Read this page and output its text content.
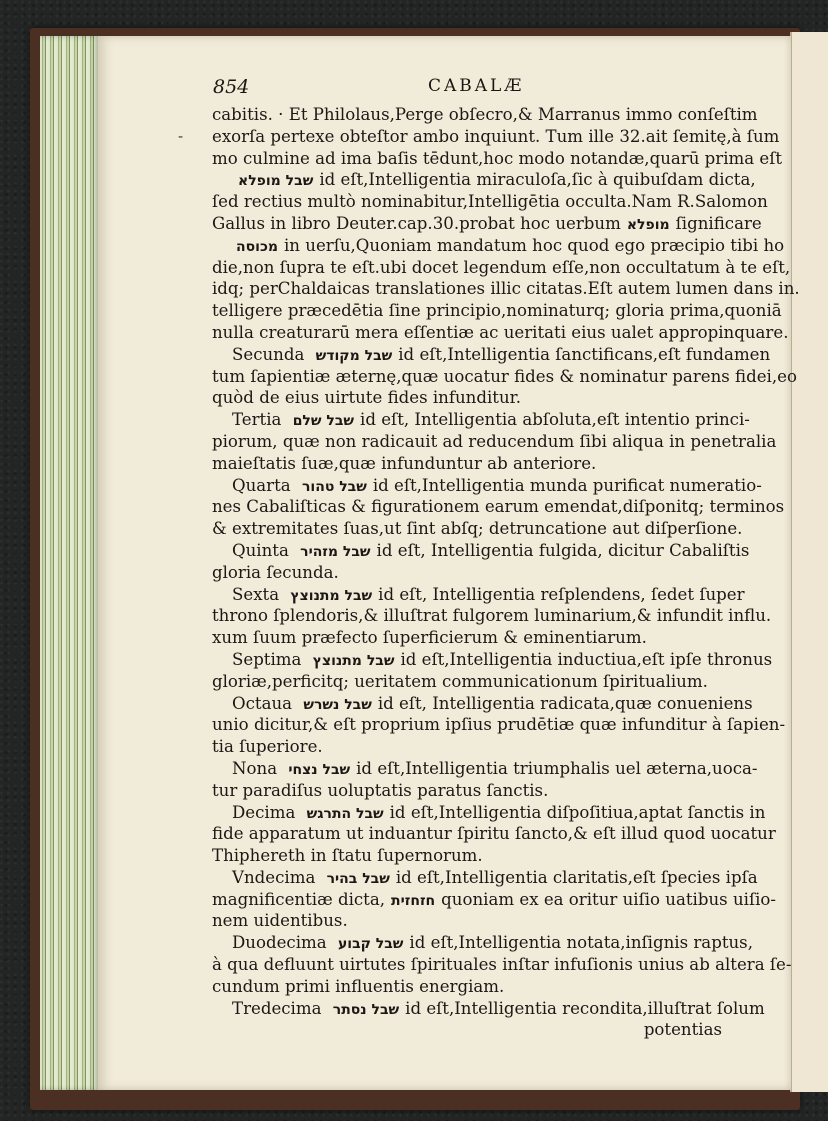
854	CABALÆ
-
cabitis. · Et Philolaus,Perge obſecro,& Marranus immo conſeſtim
exorſa pertexe obteſtor ambo inquiunt. Tum ille 32.ait ſemitę,à ſum
mo culmine ad ima baſis tēdunt,hoc modo notandæ,quarū prima eſt
שבל מופלא id eſt,Intelligentia miraculoſa,ſic à quibuſdam dicta,
ſed rectius multò nominabitur,Intelligētia occulta.Nam R.Salomon
Gallus in libro Deuter.cap.30.probat hoc uerbum מופלא ſignificare
מכוסה in uerſu,Quoniam mandatum hoc quod ego præcipio tibi ho
die,non ſupra te eſt.ubi docet legendum eſſe,non occultatum à te eſt,
idq; perChaldaicas translationes illic citatas.Eſt autem lumen dans in.
telligere præcedētia ſine principio,nominaturq; gloria prima,quoniā
nulla creaturarū mera eſſentiæ ac ueritati eius ualet appropinquare.
Secunda שבל מקודש id eſt,Intelligentia ſanctificans,eſt fundamen
tum ſapientiæ æternę,quæ uocatur fides & nominatur parens fidei,eo
quòd de eius uirtute fides infunditur.
Tertia שבל שלם id eſt, Intelligentia abſoluta,eſt intentio princi-
piorum, quæ non radicauit ad reducendum ſibi aliqua in penetralia
maieſtatis ſuæ,quæ infunduntur ab anteriore.
Quarta שבל טהור id eſt,Intelligentia munda purificat numeratio-
nes Cabaliſticas & figurationem earum emendat,diſponitq; terminos
& extremitates ſuas,ut ſint abſq; detruncatione aut diſperſione.
Quinta שבל מזהיר id eſt, Intelligentia fulgida, dicitur Cabaliſtis
gloria ſecunda.
Sexta שבל מתנוצץ id eſt, Intelligentia reſplendens, ſedet ſuper
throno ſplendoris,& illuſtrat fulgorem luminarium,& infundit influ.
xum ſuum præfecto ſuperficierum & eminentiarum.
Septima שבל מתנוצץ id eſt,Intelligentia inductiua,eſt ipſe thronus
gloriæ,perficitq; ueritatem communicationum ſpiritualium.
Octaua שבל נשרש id eſt, Intelligentia radicata,quæ conueniens
unio dicitur,& eſt proprium ipſius prudētiæ quæ infunditur à ſapien-
tia ſuperiore.
Nona שבל נצחי id eſt,Intelligentia triumphalis uel æterna,uoca-
tur paradiſus uoluptatis paratus ſanctis.
Decima שבל התרגש id eſt,Intelligentia diſpoſitiua,aptat ſanctis in
fide apparatum ut induantur ſpiritu ſancto,& eſt illud quod uocatur
Thiphereth in ſtatu ſupernorum.
Vndecima שבל בהיר id eſt,Intelligentia claritatis,eſt ſpecies ipſa
magnificentiæ dicta, חזחזית quoniam ex ea oritur uiſio uatibus uiſio-
nem uidentibus.
Duodecima שבל קבוע id eſt,Intelligentia notata,inſignis raptus,
à qua defluunt uirtutes ſpirituales inſtar infuſionis unius ab altera ſe-
cundum primi influentis energiam.
Tredecima שבל נסתר id eſt,Intelligentia recondita,illuſtrat ſolum
potentias
